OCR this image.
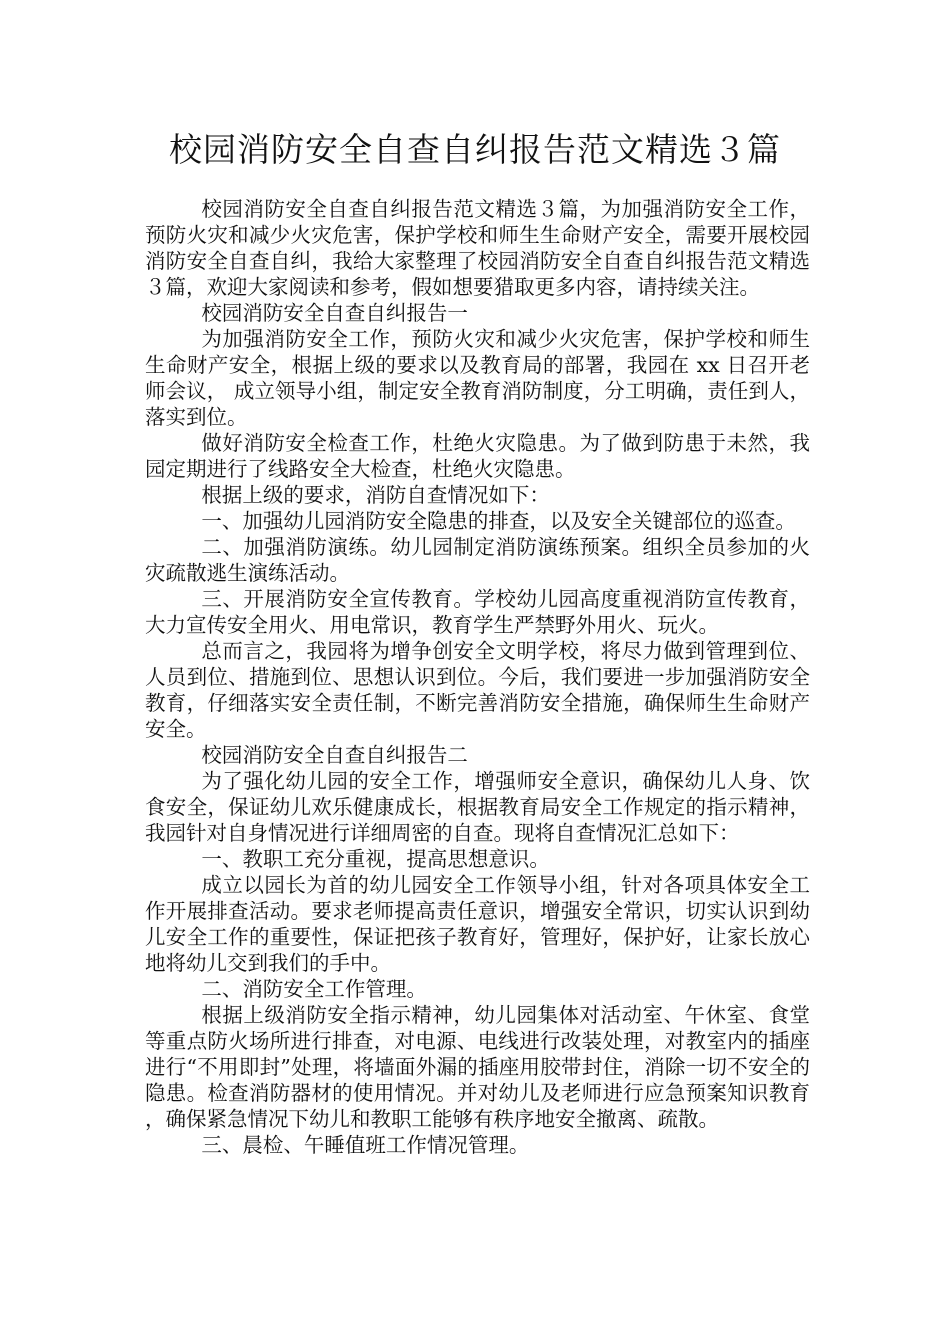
校园消防安全自查自纠报告范文精选３篇

校园消防安全自查自纠报告范文精选３篇，为加强消防安全工作，预防火灾和减少火灾危害，保护学校和师生生命财产安全，需要开展校园消防安全自查自纠，我给大家整理了校园消防安全自查自纠报告范文精选３篇，欢迎大家阅读和参考，假如想要猎取更多内容，请持续关注。

校园消防安全自查自纠报告一

为加强消防安全工作，预防火灾和减少火灾危害，保护学校和师生生命财产安全，根据上级的要求以及教育局的部署，我园在 xx 日召开老师会议， 成立领导小组，制定安全教育消防制度，分工明确，责任到人，落实到位。

做好消防安全检查工作，杜绝火灾隐患。为了做到防患于未然，我园定期进行了线路安全大检查，杜绝火灾隐患。

根据上级的要求，消防自查情况如下：

一、加强幼儿园消防安全隐患的排查，以及安全关键部位的巡查。

二、加强消防演练。幼儿园制定消防演练预案。组织全员参加的火灾疏散逃生演练活动。

三、开展消防安全宣传教育。学校幼儿园高度重视消防宣传教育，大力宣传安全用火、用电常识，教育学生严禁野外用火、玩火。

总而言之，我园将为增争创安全文明学校，将尽力做到管理到位、人员到位、措施到位、思想认识到位。今后，我们要进一步加强消防安全教育，仔细落实安全责任制，不断完善消防安全措施，确保师生生命财产安全。

校园消防安全自查自纠报告二

为了强化幼儿园的安全工作，增强师安全意识，确保幼儿人身、饮食安全，保证幼儿欢乐健康成长，根据教育局安全工作规定的指示精神，我园针对自身情况进行详细周密的自查。现将自查情况汇总如下：

一、教职工充分重视，提高思想意识。

成立以园长为首的幼儿园安全工作领导小组，针对各项具体安全工作开展排查活动。要求老师提高责任意识，增强安全常识，切实认识到幼儿安全工作的重要性，保证把孩子教育好，管理好，保护好，让家长放心地将幼儿交到我们的手中。

二、消防安全工作管理。

根据上级消防安全指示精神，幼儿园集体对活动室、午休室、食堂等重点防火场所进行排查，对电源、电线进行改装处理，对教室内的插座进行“不用即封”处理，将墙面外漏的插座用胶带封住，消除一切不安全的隐患。检查消防器材的使用情况。并对幼儿及老师进行应急预案知识教育，确保紧急情况下幼儿和教职工能够有秩序地安全撤离、疏散。

三、晨检、午睡值班工作情况管理。
